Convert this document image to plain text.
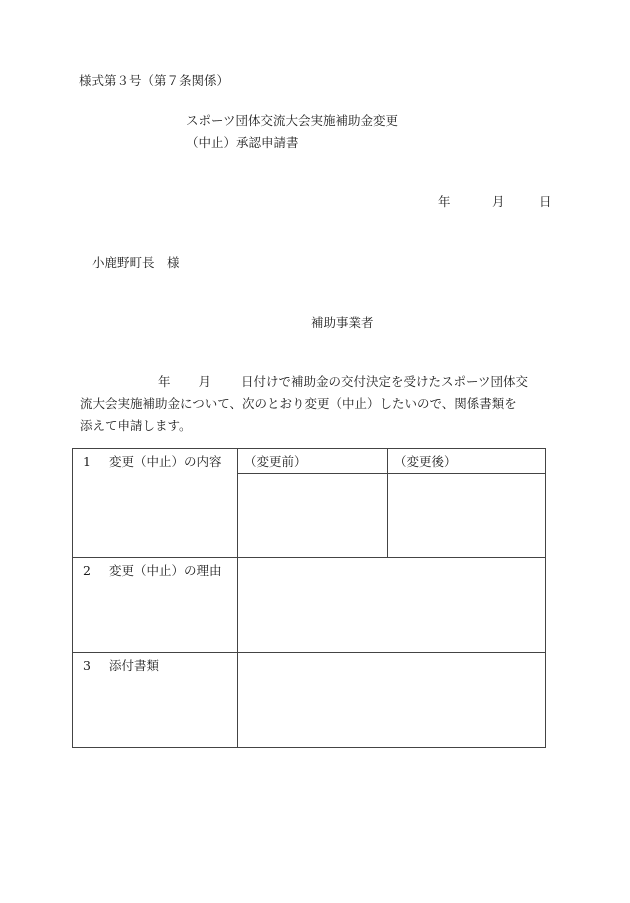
様式第３号（第７条関係）
スポーツ団体交流大会実施補助金変更
（中止）承認申請書
年	月	日
小鹿野町長　様
補助事業者
年 月 日付けで補助金の交付決定を受けたスポーツ団体交
流大会実施補助金について、次のとおり変更（中止）したいので、関係書類を
添えて申請します。
1 変更（中止）の内容	（変更前）	（変更後）

2 変更（中止）の理由		
3 添付書類		
